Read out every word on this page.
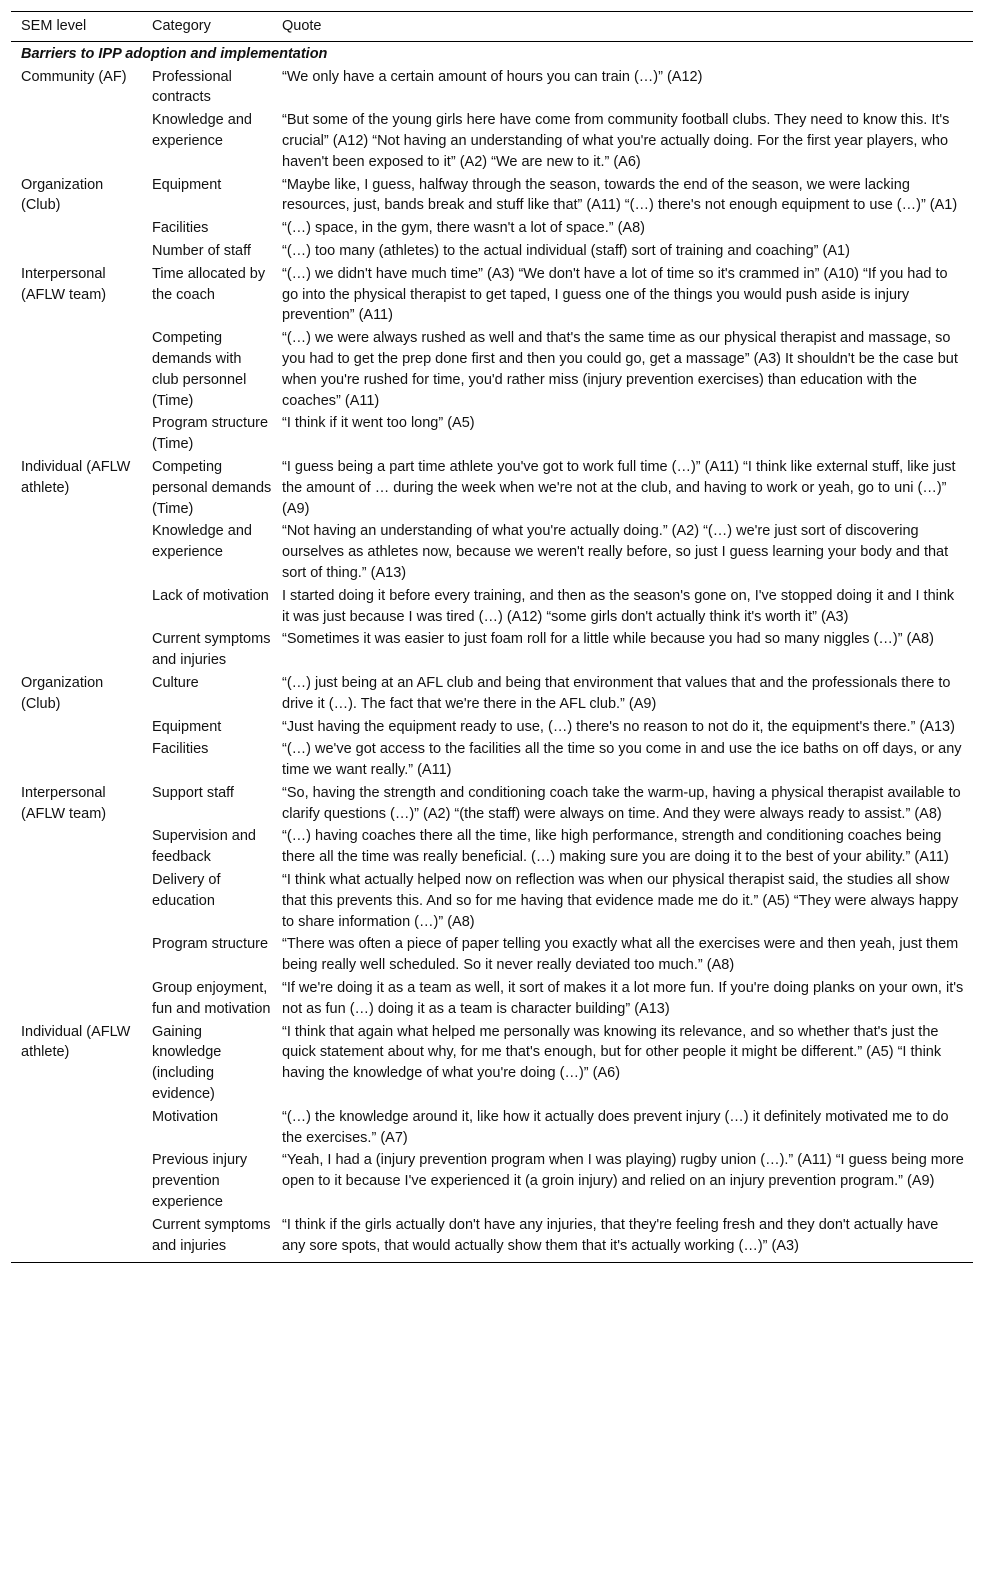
SEM level	Category	Quote
Barriers to IPP adoption and implementation		
Community (AF)	Professional contracts	“We only have a certain amount of hours you can train (…)” (A12)
	Knowledge and experience	“But some of the young girls here have come from community football clubs. They need to know this. It's crucial” (A12) “Not having an understanding of what you're actually doing. For the first year players, who haven't been exposed to it” (A2) “We are new to it.” (A6)
Organization (Club)	Equipment	“Maybe like, I guess, halfway through the season, towards the end of the season, we were lacking resources, just, bands break and stuff like that” (A11) “(…) there's not enough equipment to use (…)” (A1)
	Facilities	“(…) space, in the gym, there wasn't a lot of space.” (A8)
	Number of staff	“(…) too many (athletes) to the actual individual (staff) sort of training and coaching” (A1)
Interpersonal (AFLW team)	Time allocated by the coach	“(…) we didn't have much time” (A3) “We don't have a lot of time so it's crammed in” (A10) “If you had to go into the physical therapist to get taped, I guess one of the things you would push aside is injury prevention” (A11)
	Competing demands with club personnel (Time)	“(…) we were always rushed as well and that's the same time as our physical therapist and massage, so you had to get the prep done first and then you could go, get a massage” (A3) It shouldn't be the case but when you're rushed for time, you'd rather miss (injury prevention exercises) than education with the coaches” (A11)
	Program structure (Time)	“I think if it went too long” (A5)
Individual (AFLW athlete)	Competing personal demands (Time)	“I guess being a part time athlete you've got to work full time (…)” (A11) “I think like external stuff, like just the amount of … during the week when we're not at the club, and having to work or yeah, go to uni (…)” (A9)
	Knowledge and experience	“Not having an understanding of what you're actually doing.” (A2) “(…) we're just sort of discovering ourselves as athletes now, because we weren't really before, so just I guess learning your body and that sort of thing.” (A13)
	Lack of motivation	I started doing it before every training, and then as the season's gone on, I've stopped doing it and I think it was just because I was tired (…) (A12) “some girls don't actually think it's worth it” (A3)
	Current symptoms and injuries	“Sometimes it was easier to just foam roll for a little while because you had so many niggles (…)” (A8)
Organization (Club)	Culture	“(…) just being at an AFL club and being that environment that values that and the professionals there to drive it (…). The fact that we're there in the AFL club.” (A9)
	Equipment	“Just having the equipment ready to use, (…) there's no reason to not do it, the equipment's there.” (A13)
	Facilities	“(…) we've got access to the facilities all the time so you come in and use the ice baths on off days, or any time we want really.” (A11)
Interpersonal (AFLW team)	Support staff	“So, having the strength and conditioning coach take the warm-up, having a physical therapist available to clarify questions (…)” (A2) “(the staff) were always on time. And they were always ready to assist.” (A8)
	Supervision and feedback	“(…) having coaches there all the time, like high performance, strength and conditioning coaches being there all the time was really beneficial. (…) making sure you are doing it to the best of your ability.” (A11)
	Delivery of education	“I think what actually helped now on reflection was when our physical therapist said, the studies all show that this prevents this. And so for me having that evidence made me do it.” (A5) “They were always happy to share information (…)” (A8)
	Program structure	“There was often a piece of paper telling you exactly what all the exercises were and then yeah, just them being really well scheduled. So it never really deviated too much.” (A8)
	Group enjoyment, fun and motivation	“If we're doing it as a team as well, it sort of makes it a lot more fun. If you're doing planks on your own, it's not as fun (…) doing it as a team is character building” (A13)
Individual (AFLW athlete)	Gaining knowledge (including evidence)	“I think that again what helped me personally was knowing its relevance, and so whether that's just the quick statement about why, for me that's enough, but for other people it might be different.” (A5) “I think having the knowledge of what you're doing (…)” (A6)
	Motivation	“(…) the knowledge around it, like how it actually does prevent injury (…) it definitely motivated me to do the exercises.” (A7)
	Previous injury prevention experience	“Yeah, I had a (injury prevention program when I was playing) rugby union (…).” (A11) “I guess being more open to it because I've experienced it (a groin injury) and relied on an injury prevention program.” (A9)
	Current symptoms and injuries	“I think if the girls actually don't have any injuries, that they're feeling fresh and they don't actually have any sore spots, that would actually show them that it's actually working (…)” (A3)
